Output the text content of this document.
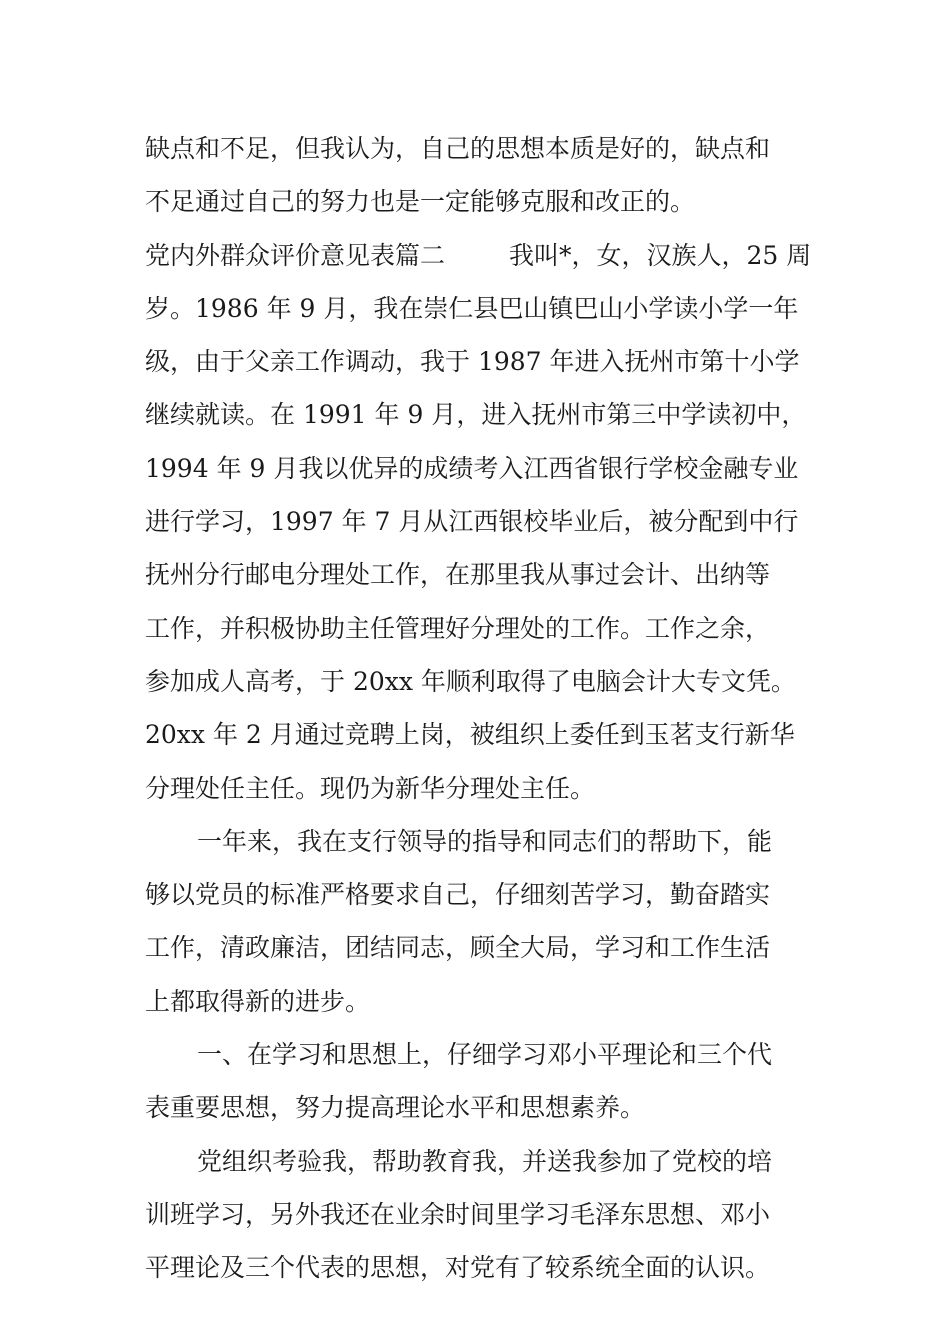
缺点和不足，但我认为，自己的思想本质是好的，缺点和
不足通过自己的努力也是一定能够克服和改正的。
党内外群众评价意见表篇二	我叫*，女，汉族人，25 周
岁。1986 年 9 月，我在崇仁县巴山镇巴山小学读小学一年
级，由于父亲工作调动，我于 1987 年进入抚州市第十小学
继续就读。在 1991 年 9 月，进入抚州市第三中学读初中，
1994 年 9 月我以优异的成绩考入江西省银行学校金融专业
进行学习，1997 年 7 月从江西银校毕业后，被分配到中行
抚州分行邮电分理处工作，在那里我从事过会计、出纳等
工作，并积极协助主任管理好分理处的工作。工作之余，
参加成人高考，于 20xx 年顺利取得了电脑会计大专文凭。
20xx 年 2 月通过竞聘上岗，被组织上委任到玉茗支行新华
分理处任主任。现仍为新华分理处主任。
一年来，我在支行领导的指导和同志们的帮助下，能
够以党员的标准严格要求自己，仔细刻苦学习，勤奋踏实
工作，清政廉洁，团结同志，顾全大局，学习和工作生活
上都取得新的进步。
一、在学习和思想上，仔细学习邓小平理论和三个代
表重要思想，努力提高理论水平和思想素养。
党组织考验我，帮助教育我，并送我参加了党校的培
训班学习，另外我还在业余时间里学习毛泽东思想、邓小
平理论及三个代表的思想，对党有了较系统全面的认识。
